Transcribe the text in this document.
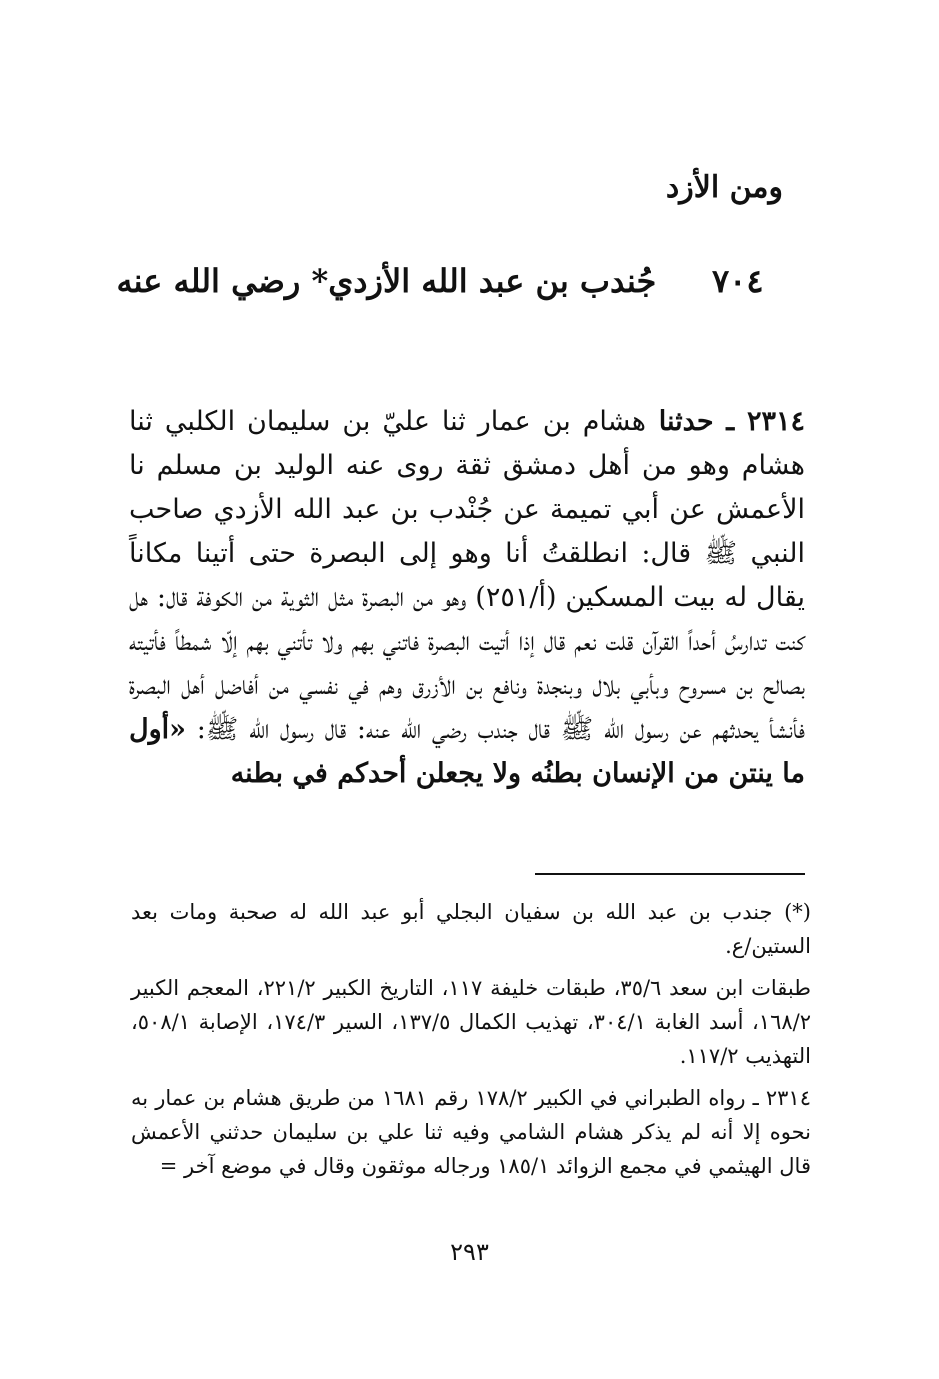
ومن الأزد
٧٠٤     جُندب بن عبد الله الأزدي* رضي الله عنه
٢٣١٤ ـ حدثنا هشام بن عمار ثنا عليّ بن سليمان الكلبي ثنا هشام وهو من أهل دمشق ثقة روى عنه الوليد بن مسلم نا الأعمش عن أبي تميمة عن جُنْدب بن عبد الله الأزدي صاحب النبي ﷺ قال: انطلقتُ أنا وهو إلى البصرة حتى أتينا مكاناً يقال له بيت المسكين (أ/٢٥١) وهو من البصرة مثل الثوية من الكوفة قال: هل كنت تدارسُ أحداً القرآن قلت نعم قال إذا أتيت البصرة فاتني بهم ولا تأتني بهم إلّا شمطاً فأتيته بصالح بن مسروح وبأبي بلال وبنجدة ونافع بن الأزرق وهم في نفسي من أفاضل أهل البصرة فأنشأ يحدثهم عن رسول الله ﷺ قال جندب رضي الله عنه: قال رسول الله ﷺ: «أول ما ينتن من الإنسان بطنُه ولا يجعلن أحدكم في بطنه

(*) جندب بن عبد الله بن سفيان البجلي أبو عبد الله له صحبة ومات بعد الستين/ع.

طبقات ابن سعد ٣٥/٦، طبقات خليفة ١١٧، التاريخ الكبير ٢٢١/٢، المعجم الكبير ١٦٨/٢، أسد الغابة ٣٠٤/١، تهذيب الكمال ١٣٧/٥، السير ١٧٤/٣، الإصابة ٥٠٨/١، التهذيب ١١٧/٢.

٢٣١٤ ـ رواه الطبراني في الكبير ١٧٨/٢ رقم ١٦٨١ من طريق هشام بن عمار به نحوه إلا أنه لم يذكر هشام الشامي وفيه ثنا علي بن سليمان حدثني الأعمش قال الهيثمي في مجمع الزوائد ١٨٥/١ ورجاله موثقون وقال في موضع آخر =

٢٩٣
